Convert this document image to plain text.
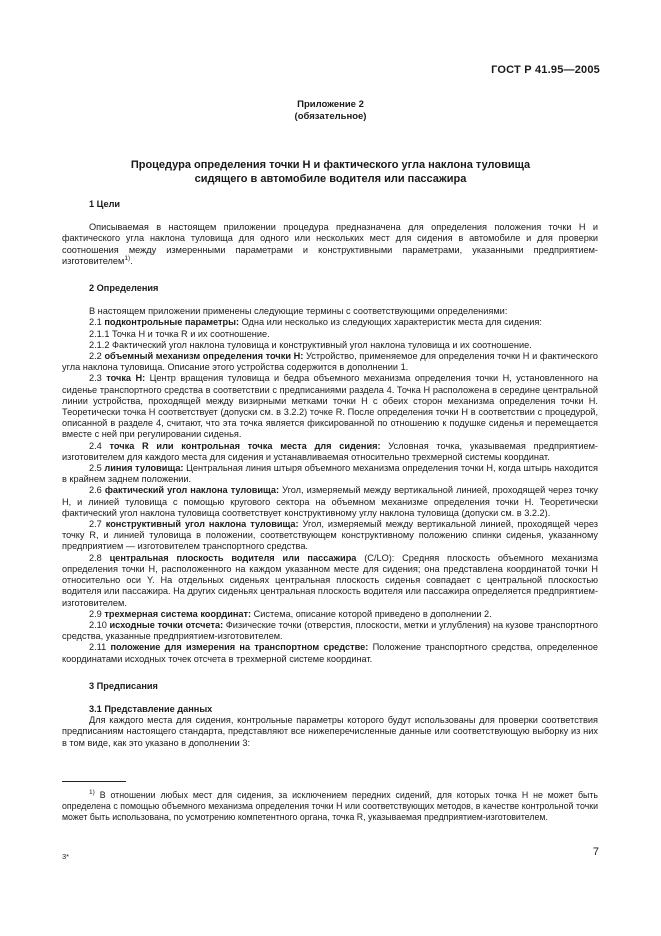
ГОСТ Р 41.95—2005
Приложение 2
(обязательное)
Процедура определения точки H и фактического угла наклона туловища
сидящего в автомобиле водителя или пассажира

1 Цели

Описываемая в настоящем приложении процедура предназначена для определения положения точки H и фактического угла наклона туловища для одного или нескольких мест для сидения в автомобиле и для проверки соотношения между измеренными параметрами и конструктивными параметрами, указанными предприятием-изготовителем$^{1)}$.

2 Определения

В настоящем приложении применены следующие термины с соответствующими определениями:

2.1 подконтрольные параметры: Одна или несколько из следующих характеристик места для сидения:

2.1.1 Точка H и точка R и их соотношение.

2.1.2 Фактический угол наклона туловища и конструктивный угол наклона туловища и их соотношение.

2.2 объемный механизм определения точки H: Устройство, применяемое для определения точки H и фактического угла наклона туловища. Описание этого устройства содержится в дополнении 1.

2.3 точка H: Центр вращения туловища и бедра объемного механизма определения точки H, установленного на сиденье транспортного средства в соответствии с предписаниями раздела 4. Точка H расположена в середине центральной линии устройства, проходящей между визирными метками точки H с обеих сторон механизма определения точки H. Теоретически точка H соответствует (допуски см. в 3.2.2) точке R. После определения точки H в соответствии с процедурой, описанной в разделе 4, считают, что эта точка является фиксированной по отношению к подушке сиденья и перемещается вместе с ней при регулировании сиденья.

2.4 точка R или контрольная точка места для сидения: Условная точка, указываемая предприятием-изготовителем для каждого места для сидения и устанавливаемая относительно трехмерной системы координат.

2.5 линия туловища: Центральная линия штыря объемного механизма определения точки H, когда штырь находится в крайнем заднем положении.

2.6 фактический угол наклона туловища: Угол, измеряемый между вертикальной линией, проходящей через точку H, и линией туловища с помощью кругового сектора на объемном механизме определения точки H. Теоретически фактический угол наклона туловища соответствует конструктивному углу наклона туловища (допуски см. в 3.2.2).

2.7 конструктивный угол наклона туловища: Угол, измеряемый между вертикальной линией, проходящей через точку R, и линией туловища в положении, соответствующем конструктивному положению спинки сиденья, указанному предприятием — изготовителем транспортного средства.

2.8 центральная плоскость водителя или пассажира (C/LO): Средняя плоскость объемного механизма определения точки H, расположенного на каждом указанном месте для сидения; она представлена координатой точки H относительно оси Y. На отдельных сиденьях центральная плоскость сиденья совпадает с центральной плоскостью водителя или пассажира. На других сиденьях центральная плоскость водителя или пассажира определяется предприятием-изготовителем.

2.9 трехмерная система координат: Система, описание которой приведено в дополнении 2.

2.10 исходные точки отсчета: Физические точки (отверстия, плоскости, метки и углубления) на кузове транспортного средства, указанные предприятием-изготовителем.

2.11 положение для измерения на транспортном средстве: Положение транспортного средства, определенное координатами исходных точек отсчета в трехмерной системе координат.

3 Предписания

3.1 Представление данных

Для каждого места для сидения, контрольные параметры которого будут использованы для проверки соответствия предписаниям настоящего стандарта, представляют все нижеперечисленные данные или соответствующую выборку из них в том виде, как это указано в дополнении 3:

$^{1)}$ В отношении любых мест для сидения, за исключением передних сидений, для которых точка H не может быть определена с помощью объемного механизма определения точки H или соответствующих методов, в качестве контрольной точки может быть использована, по усмотрению компетентного органа, точка R, указываемая предприятием-изготовителем.

3*	7
